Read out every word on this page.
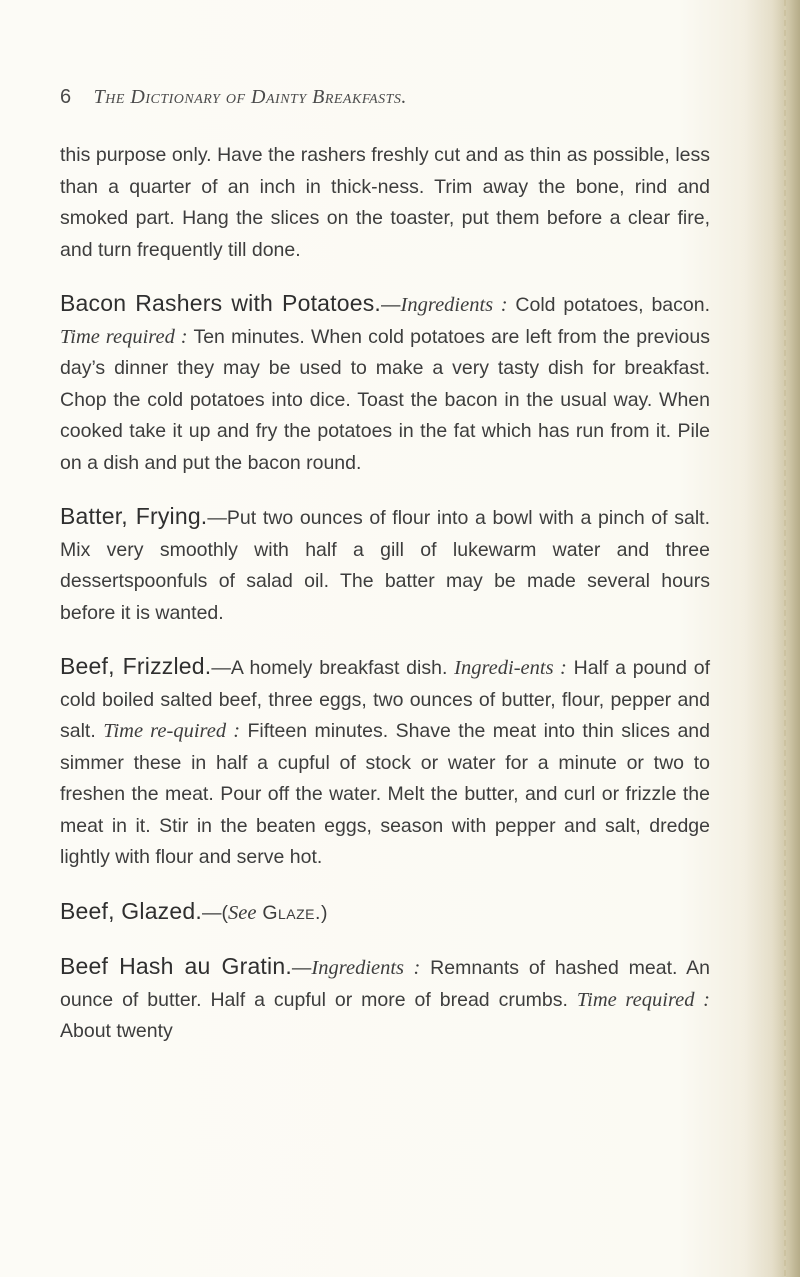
6 The Dictionary of Dainty Breakfasts.

this purpose only. Have the rashers freshly cut and as thin as possible, less than a quarter of an inch in thick-ness. Trim away the bone, rind and smoked part. Hang the slices on the toaster, put them before a clear fire, and turn frequently till done.

Bacon Rashers with Potatoes.—Ingredients : Cold potatoes, bacon. Time required : Ten minutes. When cold potatoes are left from the previous day’s dinner they may be used to make a very tasty dish for breakfast. Chop the cold potatoes into dice. Toast the bacon in the usual way. When cooked take it up and fry the potatoes in the fat which has run from it. Pile on a dish and put the bacon round.

Batter, Frying.—Put two ounces of flour into a bowl with a pinch of salt. Mix very smoothly with half a gill of lukewarm water and three dessertspoonfuls of salad oil. The batter may be made several hours before it is wanted.

Beef, Frizzled.—A homely breakfast dish. Ingredi-ents : Half a pound of cold boiled salted beef, three eggs, two ounces of butter, flour, pepper and salt. Time re-quired : Fifteen minutes. Shave the meat into thin slices and simmer these in half a cupful of stock or water for a minute or two to freshen the meat. Pour off the water. Melt the butter, and curl or frizzle the meat in it. Stir in the beaten eggs, season with pepper and salt, dredge lightly with flour and serve hot.

Beef, Glazed.—(See Glaze.)

Beef Hash au Gratin.—Ingredients : Remnants of hashed meat. An ounce of butter. Half a cupful or more of bread crumbs. Time required : About twenty
